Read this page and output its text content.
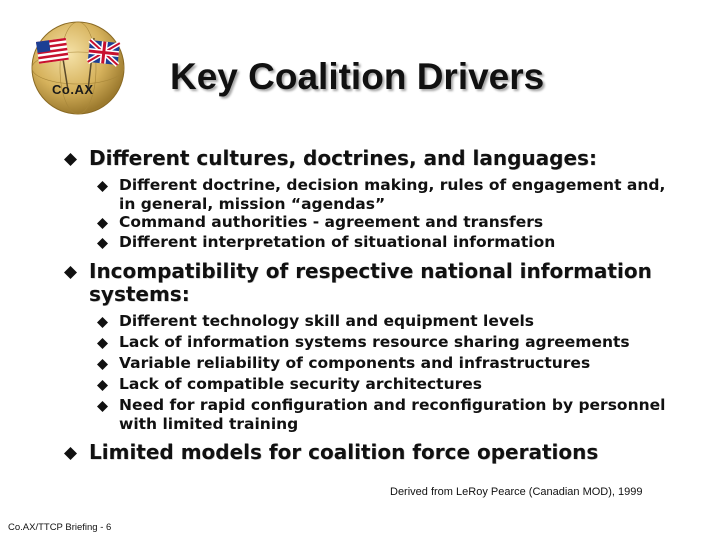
Co.AX Key Coalition Drivers
Different cultures, doctrines, and languages:
Different doctrine, decision making, rules of engagement and,
in general, mission “agendas”
Command authorities - agreement and transfers
Different interpretation of situational information
Incompatibility of respective national information
systems:
Different technology skill and equipment levels
Lack of information systems resource sharing agreements
Variable reliability of components and infrastructures
Lack of compatible security architectures
Need for rapid configuration and reconfiguration by personnel
with limited training
Limited models for coalition force operations
Derived from LeRoy Pearce (Canadian MOD), 1999
Co.AX/TTCP Briefing - 6
